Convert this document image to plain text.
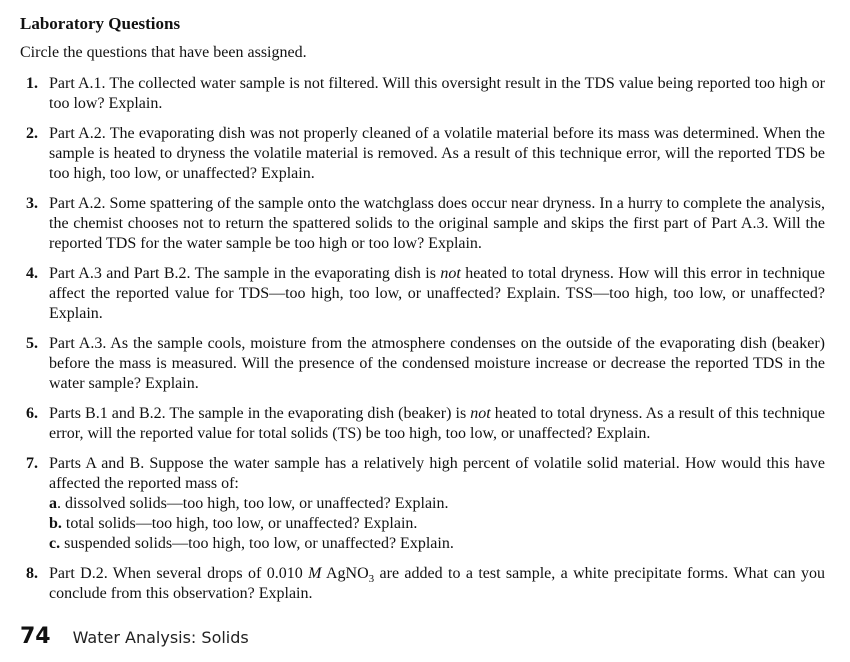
Laboratory Questions

Circle the questions that have been assigned.

1. Part A.1. The collected water sample is not filtered. Will this oversight result in the TDS value being reported too high or too low? Explain.
2. Part A.2. The evaporating dish was not properly cleaned of a volatile material before its mass was determined. When the sample is heated to dryness the volatile material is removed. As a result of this technique error, will the reported TDS be too high, too low, or unaffected? Explain.
3. Part A.2. Some spattering of the sample onto the watchglass does occur near dryness. In a hurry to complete the analysis, the chemist chooses not to return the spattered solids to the original sample and skips the first part of Part A.3. Will the reported TDS for the water sample be too high or too low? Explain.
4. Part A.3 and Part B.2. The sample in the evaporating dish is not heated to total dryness. How will this error in technique affect the reported value for TDS—too high, too low, or unaffected? Explain. TSS—too high, too low, or unaffected? Explain.
5. Part A.3. As the sample cools, moisture from the atmosphere condenses on the outside of the evaporating dish (beaker) before the mass is measured. Will the presence of the condensed moisture increase or decrease the reported TDS in the water sample? Explain.
6. Parts B.1 and B.2. The sample in the evaporating dish (beaker) is not heated to total dryness. As a result of this technique error, will the reported value for total solids (TS) be too high, too low, or unaffected? Explain.
7. Parts A and B. Suppose the water sample has a relatively high percent of volatile solid material. How would this have affected the reported mass of:
a. dissolved solids—too high, too low, or unaffected? Explain.
b. total solids—too high, too low, or unaffected? Explain.
c. suspended solids—too high, too low, or unaffected? Explain.
8. Part D.2. When several drops of 0.010 M AgNO$_3$ are added to a test sample, a white precipitate forms. What can you conclude from this observation? Explain.
74 Water Analysis: Solids
